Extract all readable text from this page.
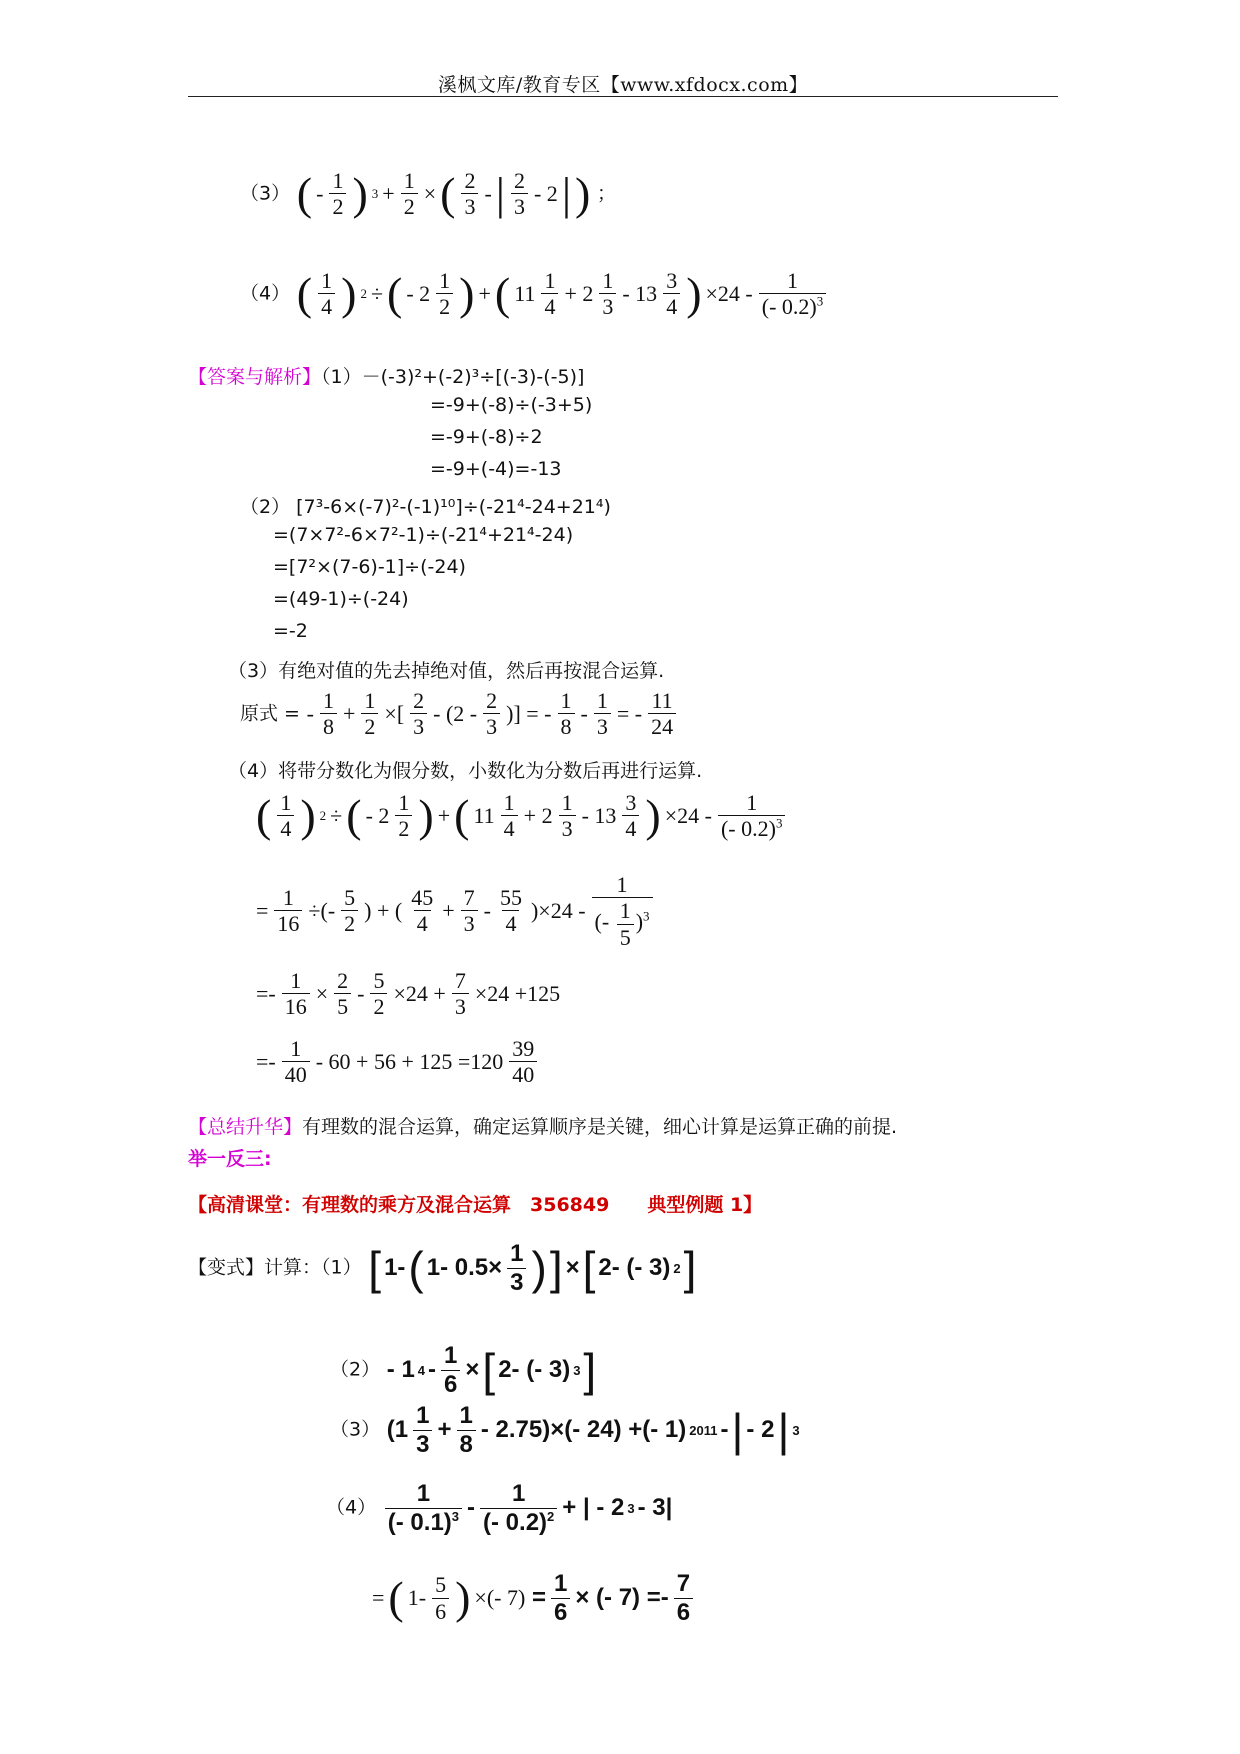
溪枫文库/教育专区【www.xfdocx.com】
（3） ( - $\frac{1}{2}$ ) $3 + \frac{1}{2}$ × ( $\frac{2}{3}$ - | $\frac{2}{3} - 2$ | ) ；
（4） ( $\frac{1}{4}$ ) 2 ÷ ( - $2 \frac{1}{2}$ ) + ( $11 \frac{1}{4} + 2 \frac{1}{3} - 13 \frac{3}{4}$ ) $\times 24 - \frac{1}{(- 0.2)^3}$
【答案与解析】（1）－(-3)²+(-2)³÷[(-3)-(-5)]
=-9+(-8)÷(-3+5)
=-9+(-8)÷2
=-9+(-4)=-13
（2） [7³-6×(-7)²-(-1)¹⁰]÷(-21⁴-24+21⁴)
=(7×7²-6×7²-1)÷(-21⁴+21⁴-24)
=[7²×(7-6)-1]÷(-24)
=(49-1)÷(-24)
=-2
（3）有绝对值的先去掉绝对值，然后再按混合运算.
原式 = - $\frac{1}{8} + \frac{1}{2}$ ×[ $\frac{2}{3} - (2 - \frac{2}{3}$ )] = - $\frac{1}{8} - \frac{1}{3}$ = - $\frac{11}{24}$
（4）将带分数化为假分数，小数化为分数后再进行运算.
( $\frac{1}{4}$ ) 2 ÷ ( - $2 \frac{1}{2}$ ) + ( $11 \frac{1}{4} + 2 \frac{1}{3} - 13 \frac{3}{4}$ ) $\times 24 - \frac{1}{(- 0.2)^3}$
= $\frac{1}{16}$ ÷(- $\frac{5}{2}$ ) + ( $\frac{45}{4} + \frac{7}{3} - \frac{55}{4} )\times 24 - \frac{1}{(- \frac{1}{5} )^3}$
=- $\frac{1}{16} \times \frac{2}{5} - \frac{5}{2} \times 24 + \frac{7}{3} \times 24 +125$
=- $\frac{1}{40} - 60 + 56 + 125 =120 \frac{39}{40}$
【总结升华】有理数的混合运算，确定运算顺序是关键，细心计算是运算正确的前提.
举一反三:
【高清课堂：有理数的乘方及混合运算　356849　　典型例题 1】
【变式】计算：（1） [ 1- ( 1- $0.5\times \frac{1}{3}$ ) ] × [ 2- (- 3) 2 ]
（2） - 1 $4 - \frac{1}{6}$ × [ 2- (- 3) 3 ]
（3） $(1 \frac{1}{3} + \frac{1}{8} - 2.75)\times(-$ 24) +(- 1) 2011 - | - 2 | 3
$(4) \frac{1}{(- 0.1)^3} - \frac{1}{(- 0.2)^2}$ + | - 2 3 - 3|
= ( $1- \frac{5}{6}$ ) ×(- $7) = \frac{1}{6}$ × (- $7) =- \frac{7}{6}$
